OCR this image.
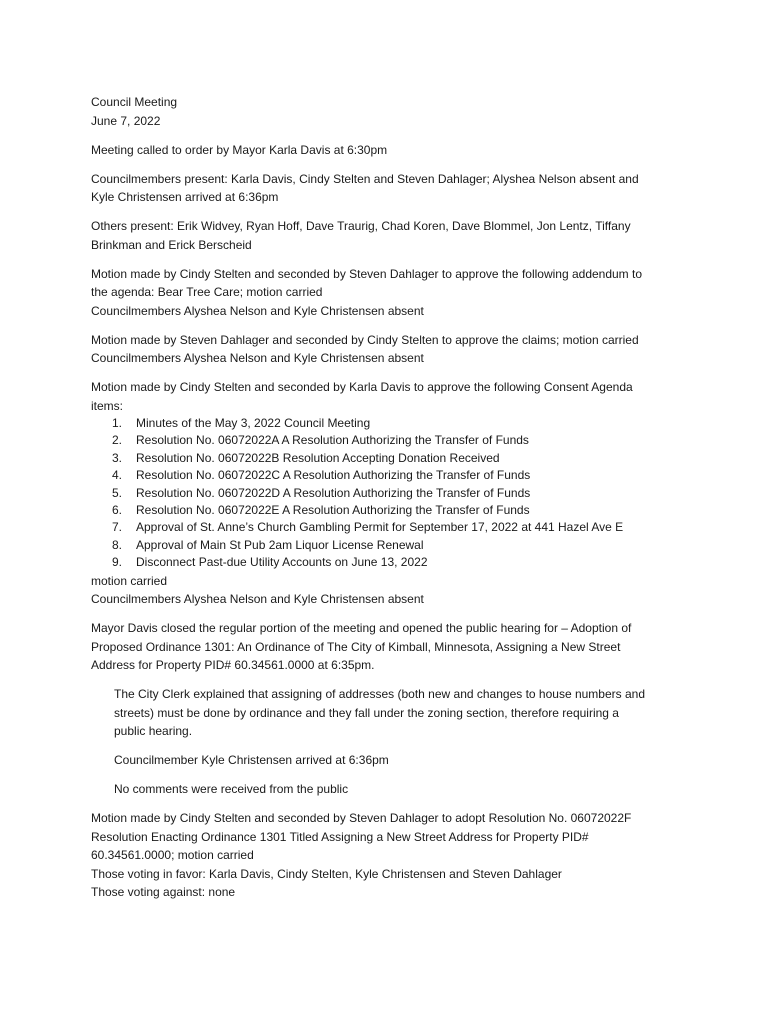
Council Meeting
June 7, 2022
Meeting called to order by Mayor Karla Davis at 6:30pm
Councilmembers present: Karla Davis, Cindy Stelten and Steven Dahlager; Alyshea Nelson absent and
Kyle Christensen arrived at 6:36pm
Others present: Erik Widvey, Ryan Hoff, Dave Traurig, Chad Koren, Dave Blommel, Jon Lentz, Tiffany
Brinkman and Erick Berscheid
Motion made by Cindy Stelten and seconded by Steven Dahlager to approve the following addendum to
the agenda: Bear Tree Care; motion carried
Councilmembers Alyshea Nelson and Kyle Christensen absent
Motion made by Steven Dahlager and seconded by Cindy Stelten to approve the claims; motion carried
Councilmembers Alyshea Nelson and Kyle Christensen absent
Motion made by Cindy Stelten and seconded by Karla Davis to approve the following Consent Agenda
items:
1. Minutes of the May 3, 2022 Council Meeting
2. Resolution No. 06072022A A Resolution Authorizing the Transfer of Funds
3. Resolution No. 06072022B Resolution Accepting Donation Received
4. Resolution No. 06072022C A Resolution Authorizing the Transfer of Funds
5. Resolution No. 06072022D A Resolution Authorizing the Transfer of Funds
6. Resolution No. 06072022E A Resolution Authorizing the Transfer of Funds
7. Approval of St. Anne’s Church Gambling Permit for September 17, 2022 at 441 Hazel Ave E
8. Approval of Main St Pub 2am Liquor License Renewal
9. Disconnect Past-due Utility Accounts on June 13, 2022
motion carried
Councilmembers Alyshea Nelson and Kyle Christensen absent
Mayor Davis closed the regular portion of the meeting and opened the public hearing for – Adoption of
Proposed Ordinance 1301: An Ordinance of The City of Kimball, Minnesota, Assigning a New Street
Address for Property PID# 60.34561.0000 at 6:35pm.
The City Clerk explained that assigning of addresses (both new and changes to house numbers and
streets) must be done by ordinance and they fall under the zoning section, therefore requiring a
public hearing.
Councilmember Kyle Christensen arrived at 6:36pm
No comments were received from the public
Motion made by Cindy Stelten and seconded by Steven Dahlager to adopt Resolution No. 06072022F
Resolution Enacting Ordinance 1301 Titled Assigning a New Street Address for Property PID#
60.34561.0000; motion carried
Those voting in favor: Karla Davis, Cindy Stelten, Kyle Christensen and Steven Dahlager
Those voting against: none
